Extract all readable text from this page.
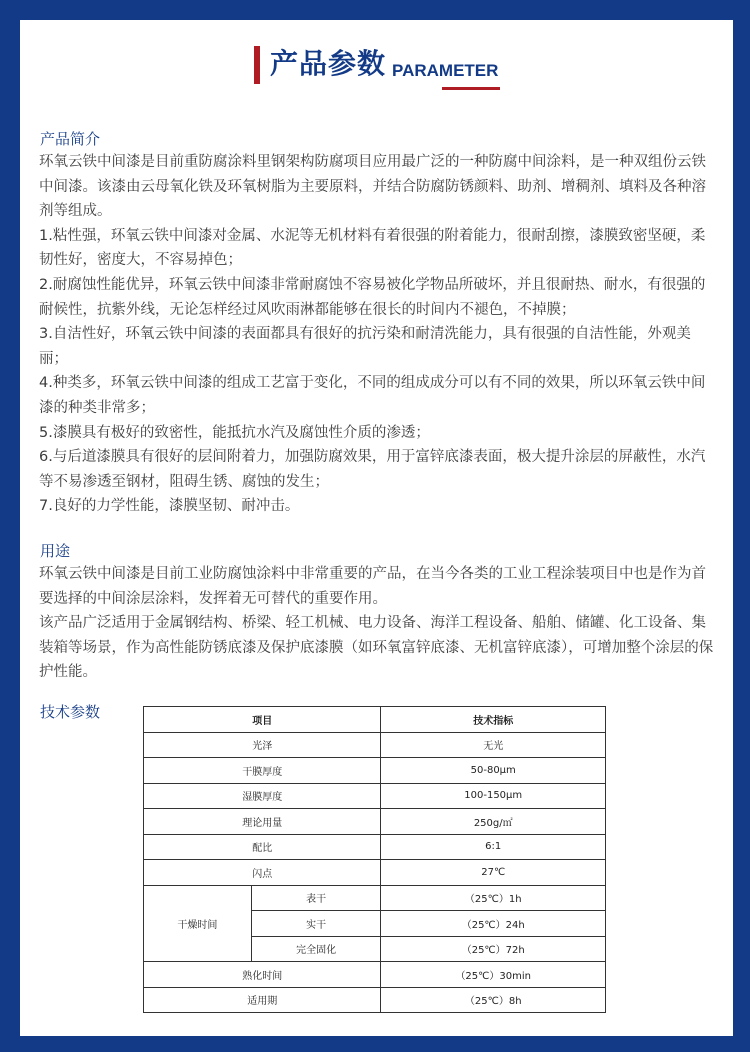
产品参数 PARAMETER
产品简介

环氧云铁中间漆是目前重防腐涂料里钢架构防腐项目应用最广泛的一种防腐中间涂料，是一种双组份云铁中间漆。该漆由云母氧化铁及环氧树脂为主要原料，并结合防腐防锈颜料、助剂、增稠剂、填料及各种溶剂等组成。

1.粘性强，环氧云铁中间漆对金属、水泥等无机材料有着很强的附着能力，很耐刮擦，漆膜致密坚硬，柔韧性好，密度大，不容易掉色；

2.耐腐蚀性能优异，环氧云铁中间漆非常耐腐蚀不容易被化学物品所破坏，并且很耐热、耐水，有很强的耐候性，抗紫外线，无论怎样经过风吹雨淋都能够在很长的时间内不褪色，不掉膜；

3.自洁性好，环氧云铁中间漆的表面都具有很好的抗污染和耐清洗能力，具有很强的自洁性能，外观美丽；

4.种类多，环氧云铁中间漆的组成工艺富于变化，不同的组成成分可以有不同的效果，所以环氧云铁中间漆的种类非常多；

5.漆膜具有极好的致密性，能抵抗水汽及腐蚀性介质的渗透；

6.与后道漆膜具有很好的层间附着力，加强防腐效果，用于富锌底漆表面，极大提升涂层的屏蔽性，水汽等不易渗透至钢材，阻碍生锈、腐蚀的发生；

7.良好的力学性能，漆膜坚韧、耐冲击。

用途

环氧云铁中间漆是目前工业防腐蚀涂料中非常重要的产品，在当今各类的工业工程涂装项目中也是作为首要选择的中间涂层涂料，发挥着无可替代的重要作用。

该产品广泛适用于金属钢结构、桥梁、轻工机械、电力设备、海洋工程设备、船舶、储罐、化工设备、集装箱等场景，作为高性能防锈底漆及保护底漆膜（如环氧富锌底漆、无机富锌底漆），可增加整个涂层的保护性能。

技术参数
项目		技术指标
光泽		无光
干膜厚度		50-80μm
湿膜厚度		100-150μm
理论用量		250g/㎡
配比		6:1
闪点		27℃
干燥时间	表干	（25℃）1h
	实干	（25℃）24h
	完全固化	（25℃）72h
熟化时间		（25℃）30min
适用期		（25℃）8h
